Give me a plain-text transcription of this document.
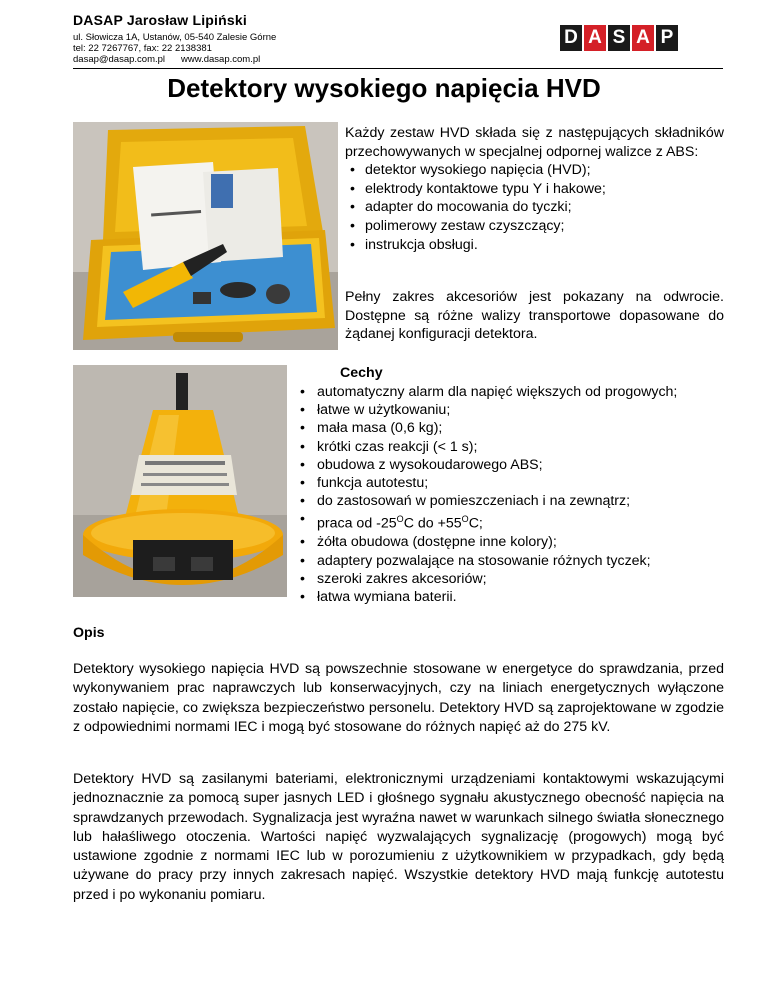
DASAP Jarosław Lipiński
ul. Słowicza 1A, Ustanów, 05-540 Zalesie Górne
tel: 22 7267767, fax: 22 2138381
dasap@dasap.com.pl www.dasap.com.pl
D A S A P
Detektory wysokiego napięcia HVD
Każdy zestaw HVD składa się z następujących składników przechowywanych w specjalnej odpornej walizce z ABS:
• detektor wysokiego napięcia (HVD);
• elektrody kontaktowe typu Y i hakowe;
• adapter do mocowania do tyczki;
• polimerowy zestaw czyszczący;
• instrukcja obsługi.
Pełny zakres akcesoriów jest pokazany na odwrocie. Dostępne są różne walizy transportowe dopasowane do żądanej konfiguracji detektora.
Cechy
• automatyczny alarm dla napięć większych od progowych;
• łatwe w użytkowaniu;
• mała masa (0,6 kg);
• krótki czas reakcji (< 1 s);
• obudowa z wysokoudarowego ABS;
• funkcja autotestu;
• do zastosowań w pomieszczeniach i na zewnątrz;
• praca od $-25^OC$ do $+55^OC$;
• żółta obudowa (dostępne inne kolory);
• adaptery pozwalające na stosowanie różnych tyczek;
• szeroki zakres akcesoriów;
• łatwa wymiana baterii.
Opis
Detektory wysokiego napięcia HVD są powszechnie stosowane w energetyce do sprawdzania, przed wykonywaniem prac naprawczych lub konserwacyjnych, czy na liniach energetycznych wyłączone zostało napięcie, co zwiększa bezpieczeństwo personelu. Detektory HVD są zaprojektowane w zgodzie z odpowiednimi normami IEC i mogą być stosowane do różnych napięć aż do 275 kV.
Detektory HVD są zasilanymi bateriami, elektronicznymi urządzeniami kontaktowymi wskazującymi jednoznacznie za pomocą super jasnych LED i głośnego sygnału akustycznego obecność napięcia na sprawdzanych przewodach. Sygnalizacja jest wyraźna nawet w warunkach silnego światła słonecznego lub hałaśliwego otoczenia. Wartości napięć wyzwalających sygnalizację (progowych) mogą być ustawione zgodnie z normami IEC lub w porozumieniu z użytkownikiem w przypadkach, gdy będą używane do pracy przy innych zakresach napięć. Wszystkie detektory HVD mają funkcję autotestu przed i po wykonaniu pomiaru.
